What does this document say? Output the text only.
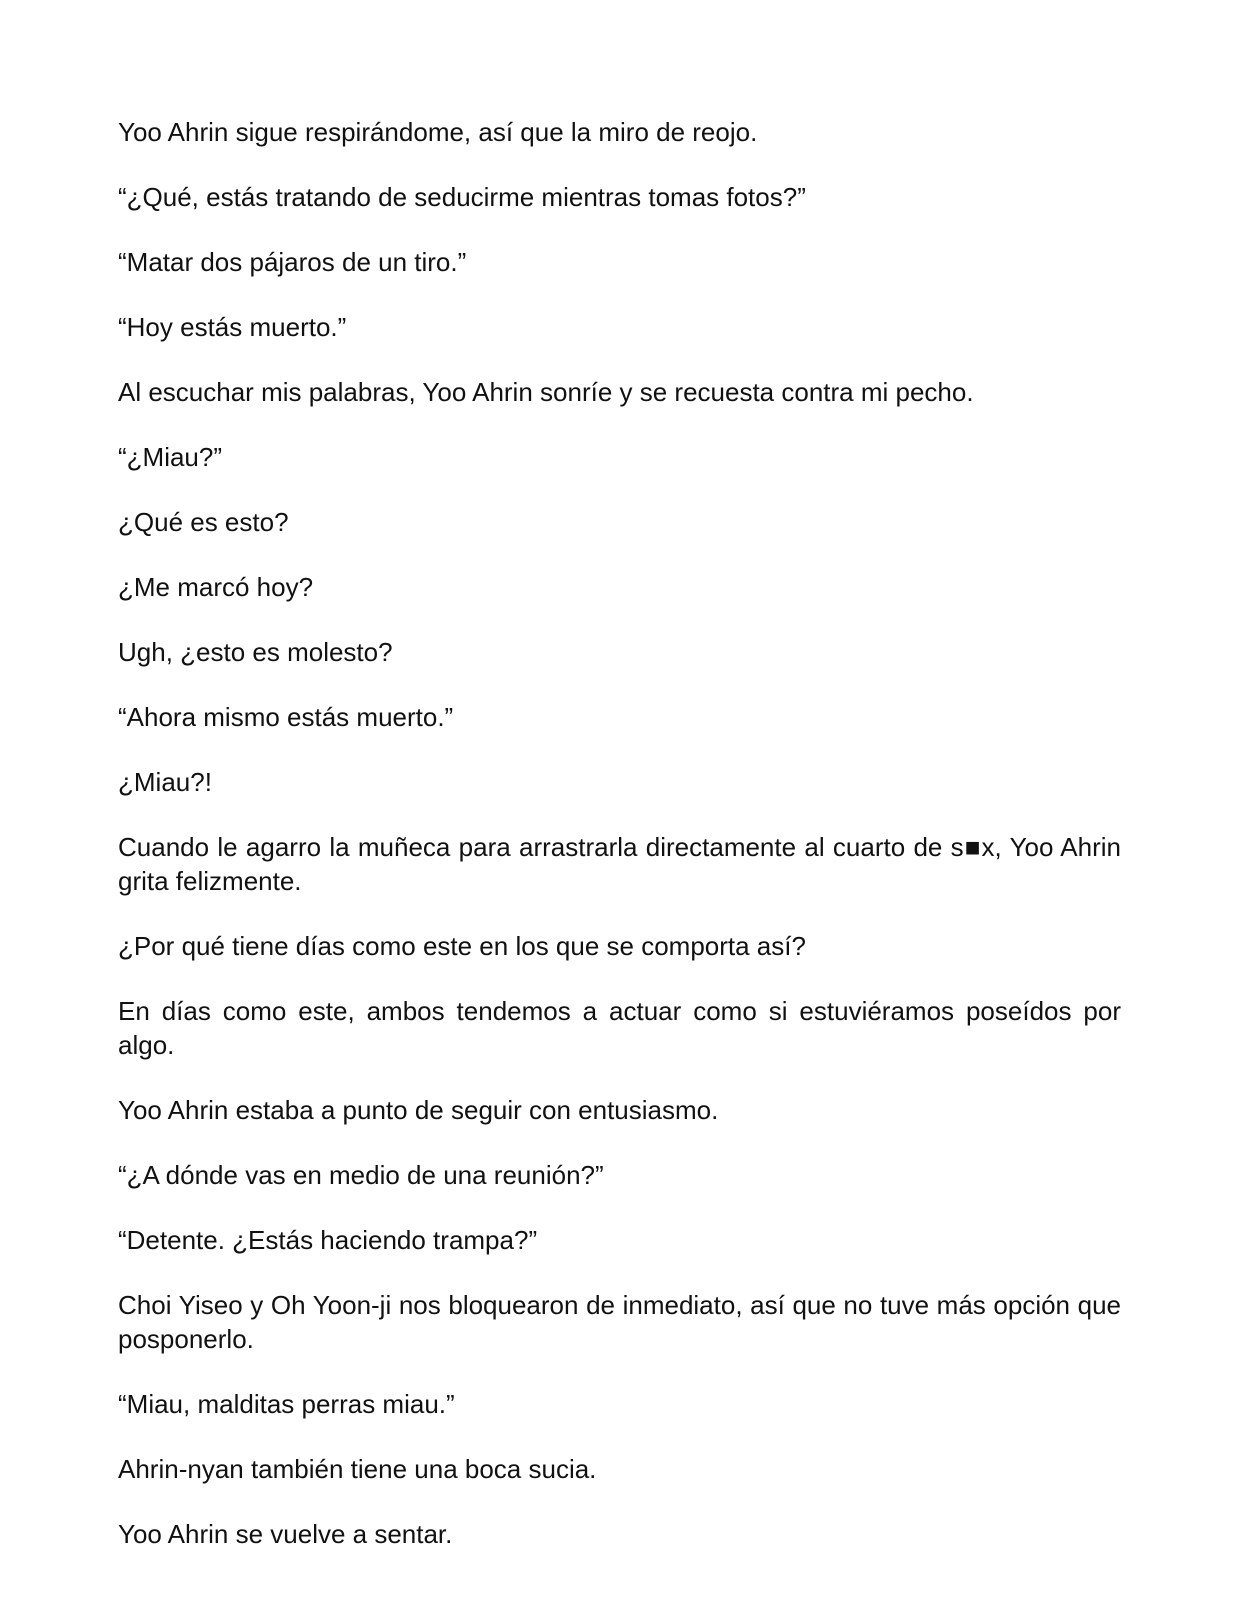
Yoo Ahrin sigue respirándome, así que la miro de reojo.

“¿Qué, estás tratando de seducirme mientras tomas fotos?”

“Matar dos pájaros de un tiro.”

“Hoy estás muerto.”

Al escuchar mis palabras, Yoo Ahrin sonríe y se recuesta contra mi pecho.

“¿Miau?”

¿Qué es esto?

¿Me marcó hoy?

Ugh, ¿esto es molesto?

“Ahora mismo estás muerto.”

¿Miau?!

Cuando le agarro la muñeca para arrastrarla directamente al cuarto de s■x, Yoo Ahrin grita felizmente.

¿Por qué tiene días como este en los que se comporta así?

En días como este, ambos tendemos a actuar como si estuviéramos poseídos por algo.

Yoo Ahrin estaba a punto de seguir con entusiasmo.

“¿A dónde vas en medio de una reunión?”

“Detente. ¿Estás haciendo trampa?”

Choi Yiseo y Oh Yoon-ji nos bloquearon de inmediato, así que no tuve más opción que posponerlo.

“Miau, malditas perras miau.”

Ahrin-nyan también tiene una boca sucia.

Yoo Ahrin se vuelve a sentar.
